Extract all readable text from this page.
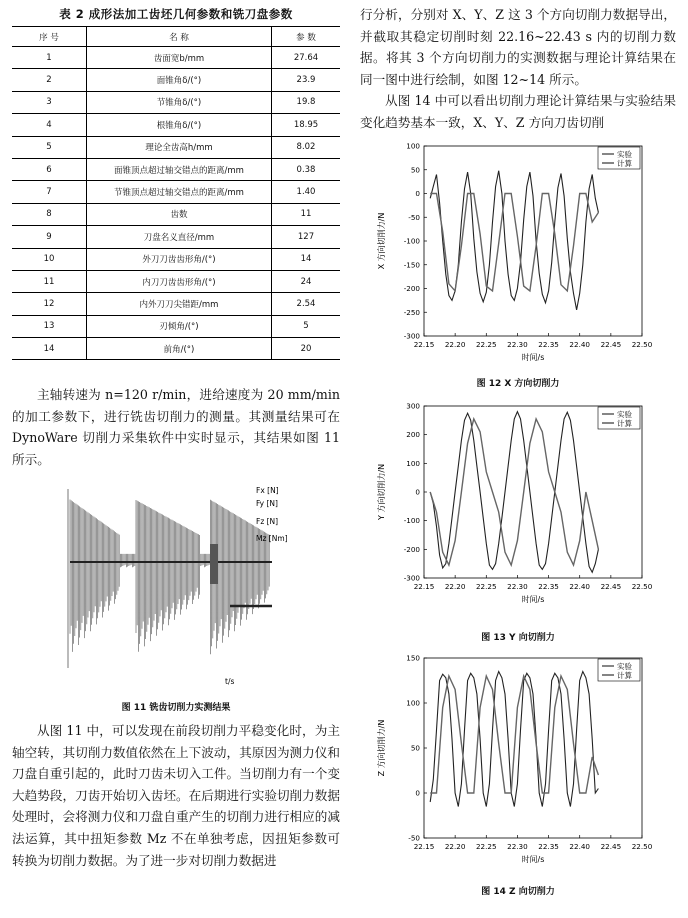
表 2 成形法加工齿坯几何参数和铣刀盘参数
序 号	名 称	参 数
1	齿面宽b/mm	27.64
2	面锥角δ/(°)	23.9
3	节锥角δ/(°)	19.8
4	根锥角δ/(°)	18.95
5	理论全齿高h/mm	8.02
6	面锥顶点超过轴交错点的距离/mm	0.38
7	节锥顶点超过轴交错点的距离/mm	1.40
8	齿数	11
9	刀盘名义直径/mm	127
10	外刀刀齿齿形角/(°)	14
11	内刀刀齿齿形角/(°)	24
12	内外刀刀尖错距/mm	2.54
13	刃倾角/(°)	5
14	前角/(°)	20

主轴转速为 n=120 r/min，进给速度为 20 mm/min 的加工参数下，进行铣齿切削力的测量。其测量结果可在 DynoWare 切削力采集软件中实时显示，其结果如图 11 所示。

Fx [N]
Fy [N]
Fz [N]
Mz [Nm]
t/s
图 11 铣齿切削力实测结果

从图 11 中，可以发现在前段切削力平稳变化时，为主轴空转，其切削力数值依然在上下波动，其原因为测力仪和刀盘自重引起的，此时刀齿未切入工件。当切削力有一个变大趋势段，刀齿开始切入齿坯。在后期进行实验切削力数据处理时，会将测力仪和刀盘自重产生的切削力进行相应的减法运算，其中扭矩参数 Mz 不在单独考虑，因扭矩参数可转换为切削力数据。为了进一步对切削力数据进

行分析，分别对 X、Y、Z 这 3 个方向切削力数据导出，并截取其稳定切削时刻 22.16~22.43 s 内的切削力数据。将其 3 个方向切削力的实测数据与理论计算结果在同一图中进行绘制，如图 12~14 所示。

从图 14 中可以看出切削力理论计算结果与实验结果变化趋势基本一致，X、Y、Z 方向刀齿切削

22.15 22.20 22.25 22.30 22.35 22.40 22.45 22.50
100
50
0
-50
-100
-150
-200
-250
-300
时间/s
X 方向切削力/N
实验
计算
图 12 X 方向切削力
22.15 22.20 22.25 22.30 22.35 22.40 22.45 22.50
300
200
100
0
-100
-200
-300
时间/s
Y 方向切削力/N
实验
计算
图 13 Y 向切削力
22.15 22.20 22.25 22.30 22.35 22.40 22.45 22.50
150
100
50
0
-50
时间/s
Z 方向切削力/N
实验
计算
图 14 Z 向切削力
